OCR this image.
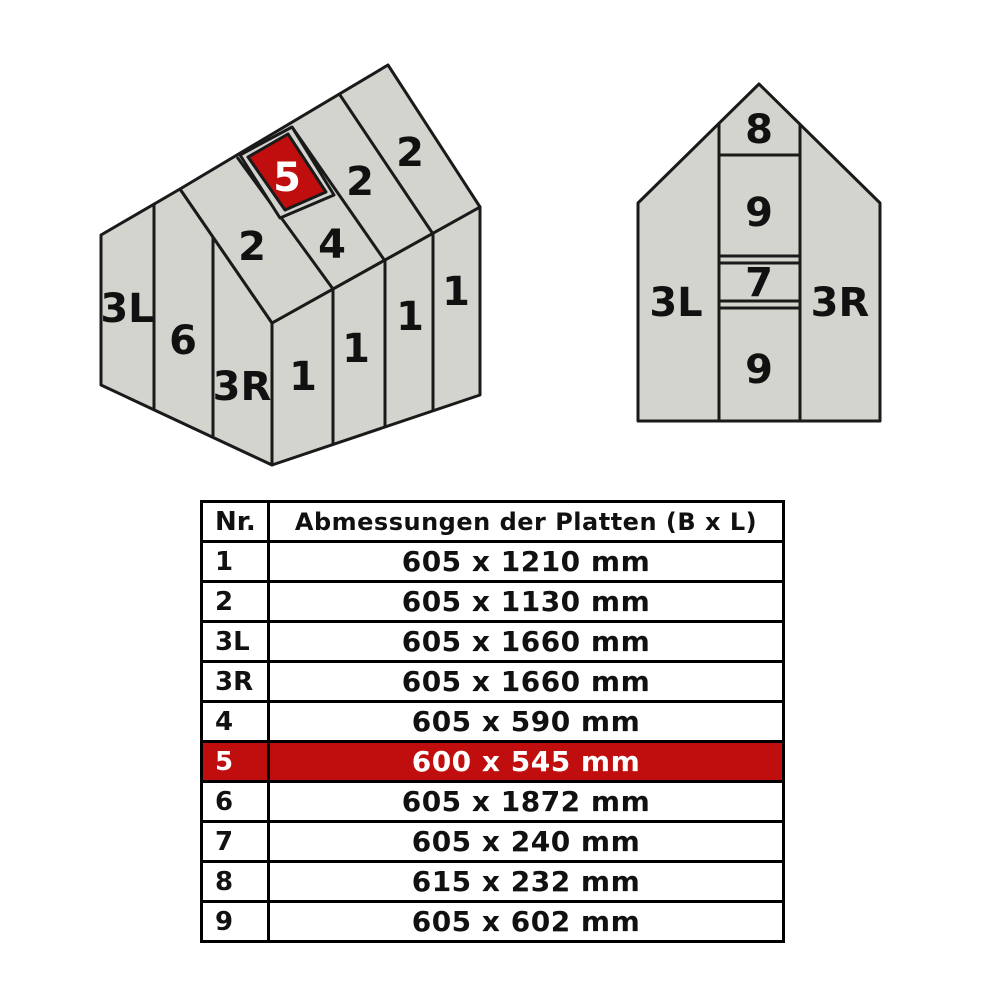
3L
6
3R 1
1
1
1
2 4
2
2
5
3L	3R
8
9
7
9
Nr.	Abmessungen der Platten (B x L)
1	605 x 1210 mm
2	605 x 1130 mm
3L	605 x 1660 mm
3R	605 x 1660 mm
4	605 x 590 mm
5	600 x 545 mm
6	605 x 1872 mm
7	605 x 240 mm
8	615 x 232 mm
9	605 x 602 mm
